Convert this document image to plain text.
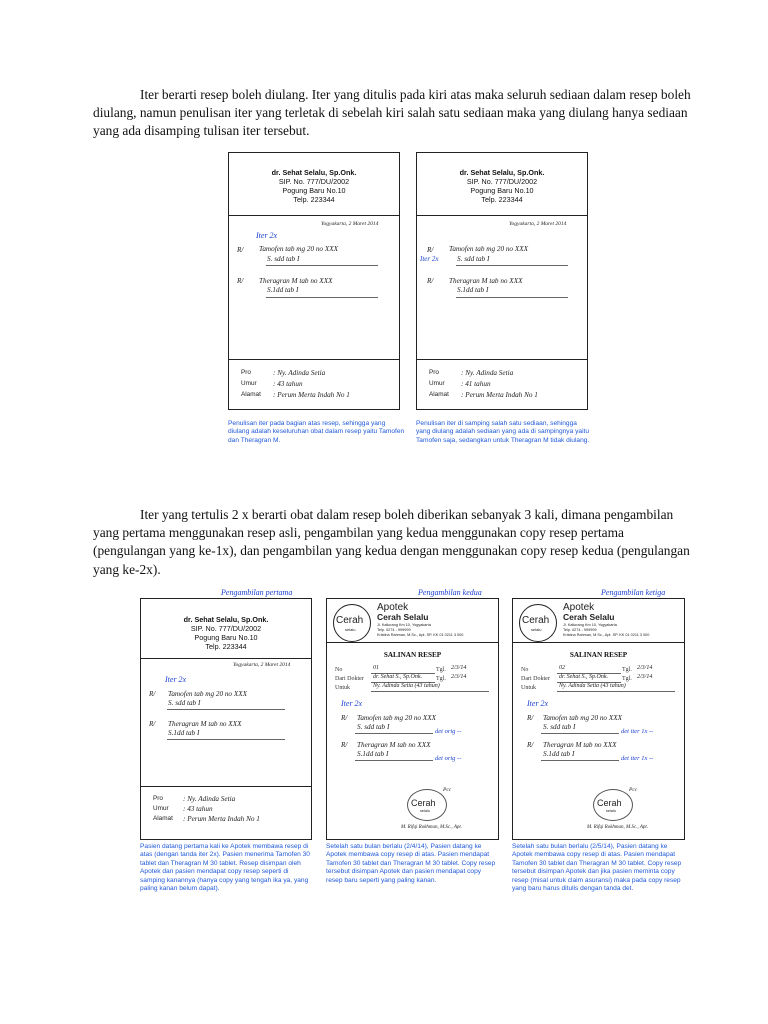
Iter berarti resep boleh diulang. Iter yang ditulis pada kiri atas maka seluruh sediaan dalam resep boleh diulang, namun penulisan iter yang terletak di sebelah kiri salah satu sediaan maka yang diulang hanya sediaan yang ada disamping tulisan iter tersebut.

dr. Sehat Selalu, Sp.Onk.
SIP. No. 777/DU/2002
Pogung Baru No.10
Telp. 223344
Yogyakarta, 2 Maret 2014
Iter 2x
R/ Tamofen tab mg 20 no XXX
S. sdd tab I
R/ Theragran M tab no XXX
S.1dd tab I
Pro	: Ny. Adinda Setia
Umur : 43 tahun
Alamat : Perum Merta Indah No 1
dr. Sehat Selalu, Sp.Onk.
SIP. No. 777/DU/2002
Pogung Baru No.10
Telp. 223344
Yogyakarta, 2 Maret 2014
R/ Tamofen tab mg 20 no XXX
Iter 2x	S. sdd tab I
R/ Theragran M tab no XXX
S.1dd tab I
Pro	: Ny. Adinda Setia
Umur : 41 tahun
Alamat : Perum Merta Indah No 1
Penulisan iter pada bagian atas resep, sehingga yang diulang adalah keseluruhan obat dalam resep yaitu Tamofen dan Theragran M.
Penulisan iter di samping salah satu sediaan, sehingga yang diulang adalah sediaan yang ada di sampingnya yaitu Tamofen saja, sedangkan untuk Theragran M tidak diulang.

Iter yang tertulis 2 x berarti obat dalam resep boleh diberikan sebanyak 3 kali, dimana pengambilan yang pertama menggunakan resep asli, pengambilan yang kedua menggunakan copy resep pertama (pengulangan yang ke-1x), dan pengambilan yang kedua dengan menggunakan copy resep kedua (pengulangan yang ke-2x).

Pengambilan pertama	Pengambilan kedua	Pengambilan ketiga
dr. Sehat Selalu, Sp.Onk.
SIP. No. 777/DU/2002
Pogung Baru No.10
Telp. 223344
Yogyakarta, 2 Maret 2014
Iter 2x
R/ Tamofen tab mg 20 no XXX
S. sdd tab I
R/ Theragran M tab no XXX
S.1dd tab I
Pro	: Ny. Adinda Setia
Umur : 43 tahun
Alamat : Perum Merta Indah No 1
Cerah
selalu
Apotek
Cerah Selalu
Jl. Kaliurang Km 10, Yogyakarta
Telp. 0274 - 999999
Kristina Rahman, M.Sc., Apt. SP. KK 01 0211 3 000
SALINAN RESEP
No	01	Tgl. 2/3/14
Dari Dokter dr. Sehat S., Sp.Onk. Tgl. 2/3/14
Untuk	Ny. Adinda Setia (43 tahun)
Iter 2x
R/ Tamofen tab mg 20 no XXX
S. sdd tab I
det orig --
R/ Theragran M tab no XXX
S.1dd tab I
det orig --
Cerah
selalu
Pcc
M. Rifqi Rokhman, M.Sc., Apt.
Cerah
selalu
Apotek
Cerah Selalu
Jl. Kaliurang Km 10, Yogyakarta
Telp. 0274 - 999999
Kristina Rahman, M.Sc., Apt. SP. KK 01 0211 3 000
SALINAN RESEP
No	02	Tgl. 2/3/14
Dari Dokter dr. Sehat S., Sp.Onk. Tgl. 2/3/14
Untuk	Ny. Adinda Setia (43 tahun)
Iter 2x
R/ Tamofen tab mg 20 no XXX
S. sdd tab I
det iter 1x --
R/ Theragran M tab no XXX
S.1dd tab I
det iter 1x --
Cerah
selalu
Pcc
M. Rifqi Rokhman, M.Sc., Apt.
Pasien datang pertama kali ke Apotek membawa resep di atas (dengan tanda iter 2x). Pasien menerima Tamofen 30 tablet dan Theragran M 30 tablet. Resep disimpan oleh Apotek dan pasien mendapat copy resep seperti di samping kanannya (hanya copy yang tengah ika ya, yang paling kanan belum dapat).
Setelah satu bulan berlalu (2/4/14), Pasien datang ke Apotek membawa copy resep di atas. Pasien mendapat Tamofen 30 tablet dan Theragran M 30 tablet. Copy resep tersebut disimpan Apotek dan pasien mendapat copy resep baru seperti yang paling kanan.
Setelah satu bulan berlalu (2/5/14), Pasien datang ke Apotek membawa copy resep di atas. Pasien mendapat Tamofen 30 tablet dan Theragran M 30 tablet. Copy resep tersebut disimpan Apotek dan jika pasien meminta copy resep (misal untuk claim asuransi) maka pada copy resep yang baru harus ditulis dengan tanda det.
